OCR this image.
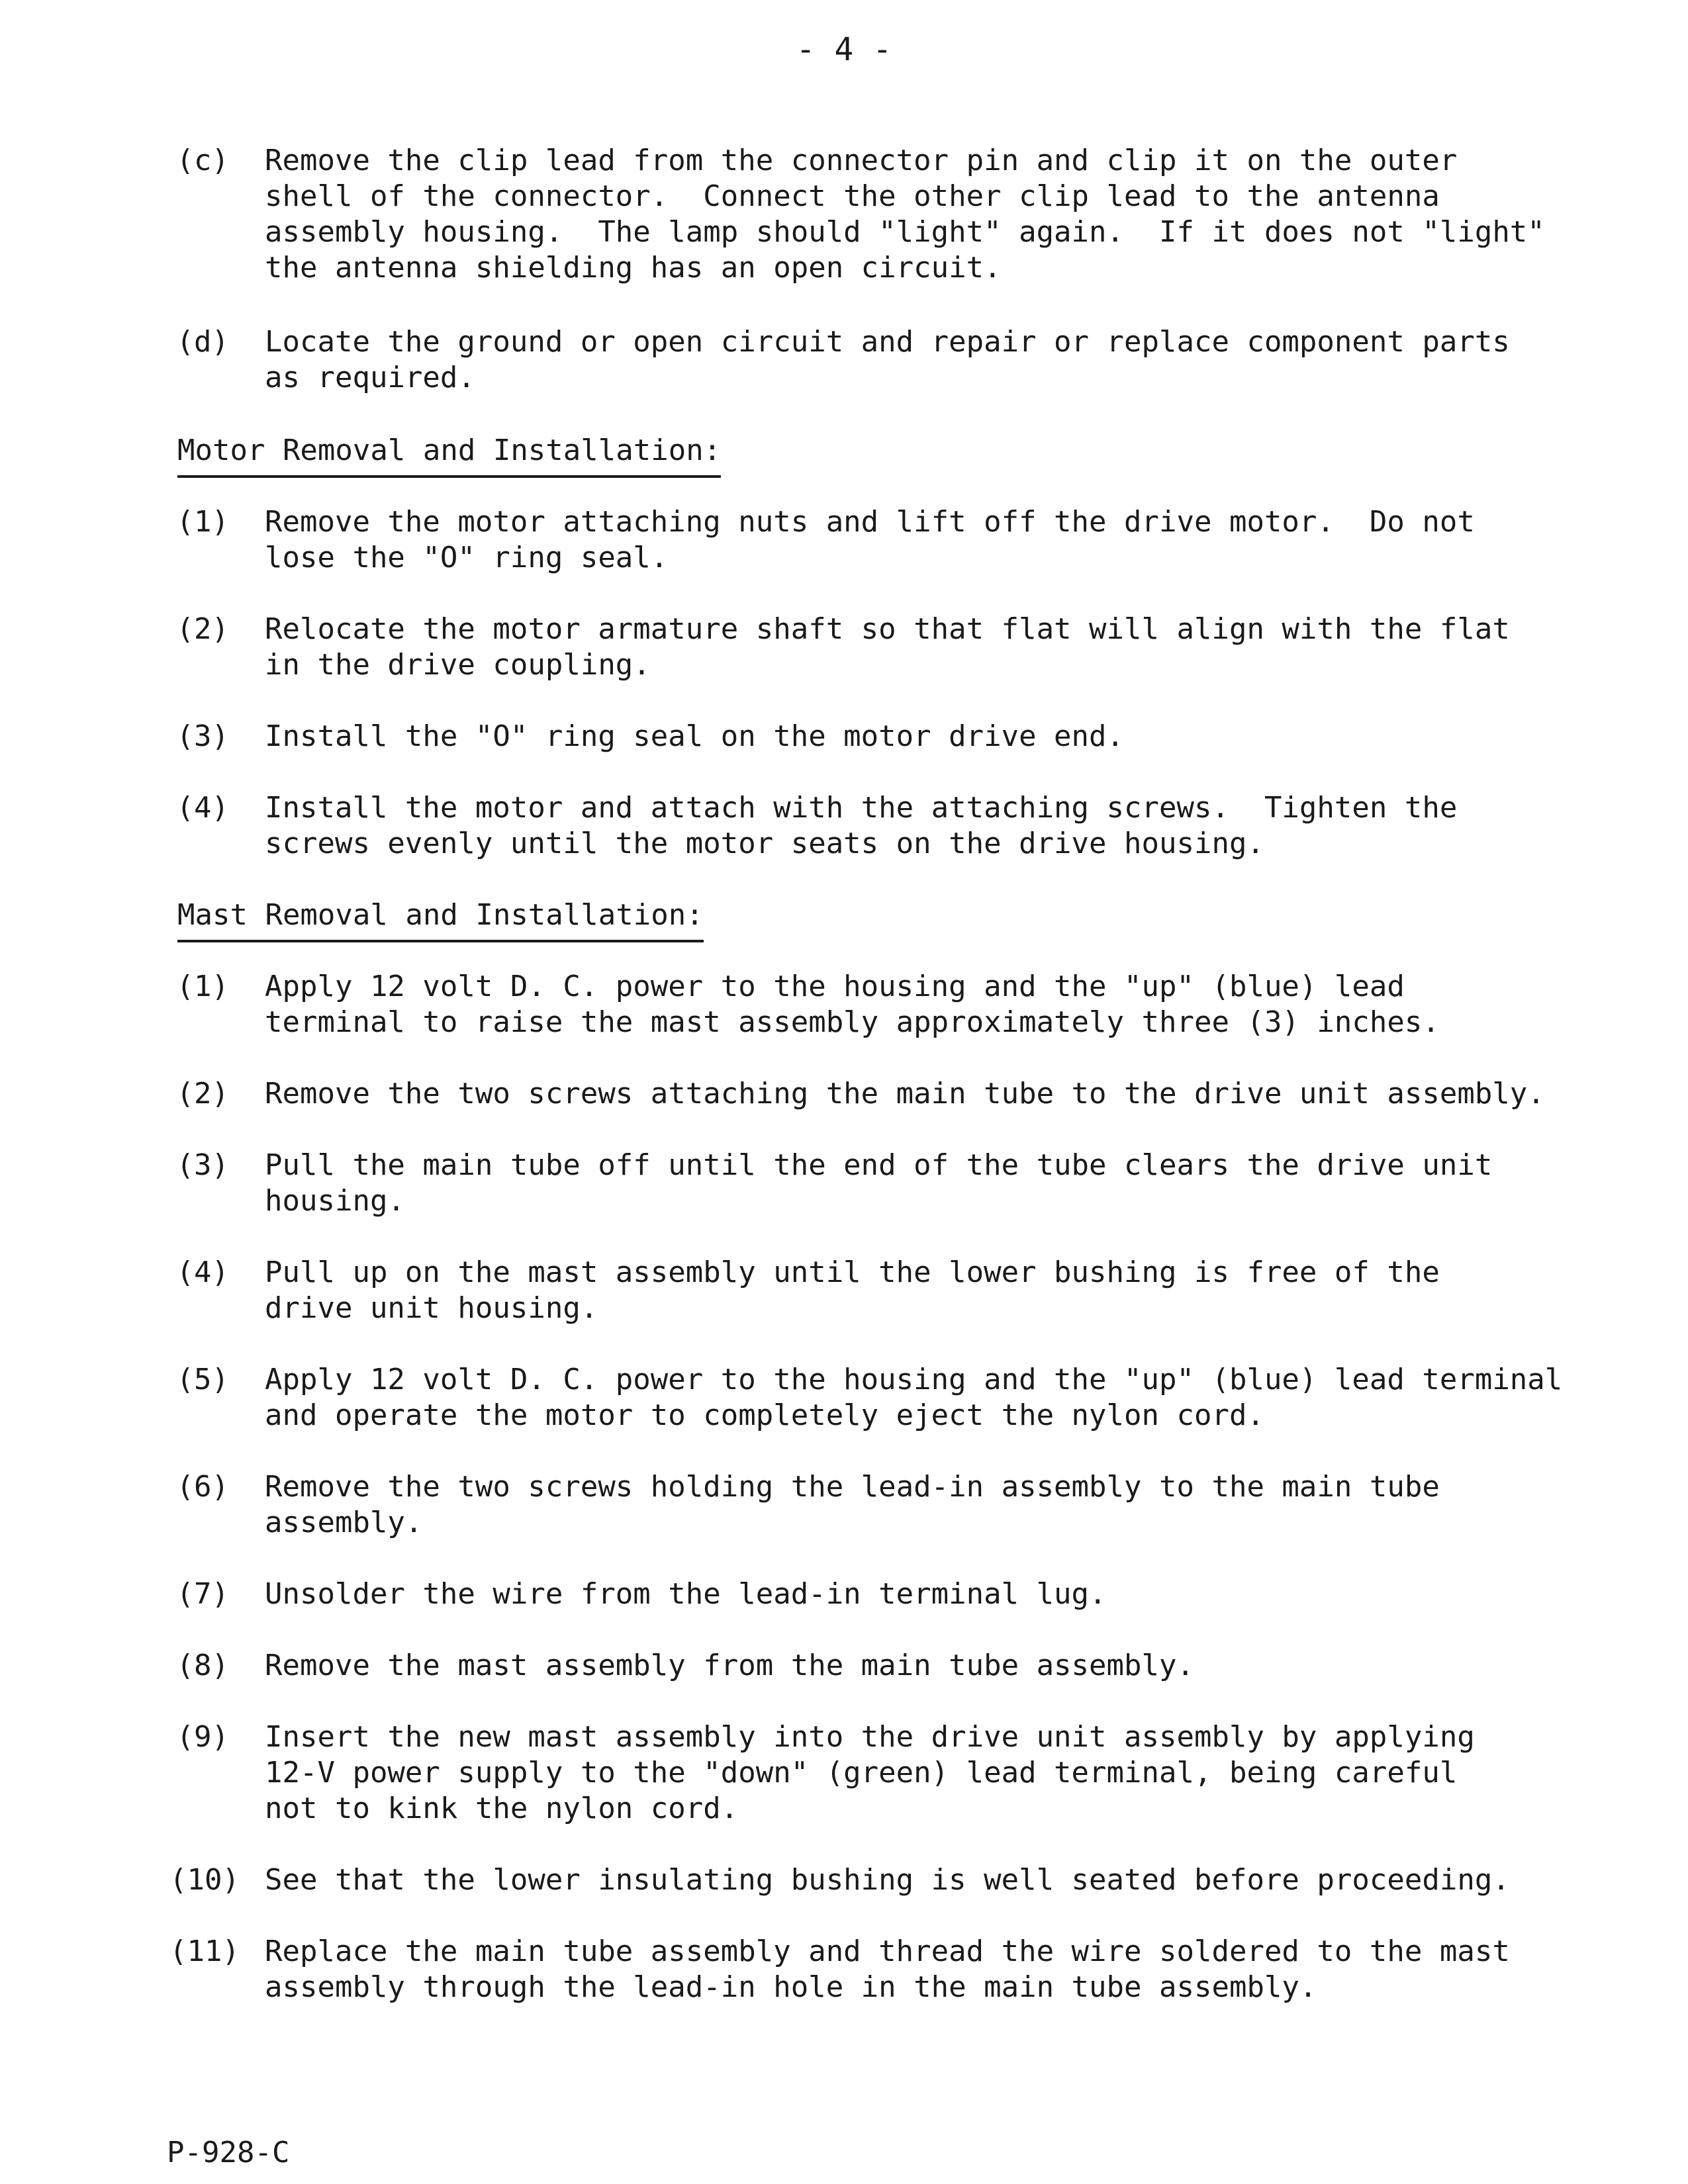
- 4 -
(c) Remove the clip lead from the connector pin and clip it on the outer
shell of the connector.  Connect the other clip lead to the antenna
assembly housing.  The lamp should "light" again.  If it does not "light"
the antenna shielding has an open circuit.
(d) Locate the ground or open circuit and repair or replace component parts
as required.
Motor Removal and Installation:
(1) Remove the motor attaching nuts and lift off the drive motor.  Do not
lose the "O" ring seal.
(2) Relocate the motor armature shaft so that flat will align with the flat
in the drive coupling.
(3) Install the "O" ring seal on the motor drive end.
(4) Install the motor and attach with the attaching screws.  Tighten the
screws evenly until the motor seats on the drive housing.
Mast Removal and Installation:
(1) Apply 12 volt D. C. power to the housing and the "up" (blue) lead
terminal to raise the mast assembly approximately three (3) inches.
(2) Remove the two screws attaching the main tube to the drive unit assembly.
(3) Pull the main tube off until the end of the tube clears the drive unit
housing.
(4) Pull up on the mast assembly until the lower bushing is free of the
drive unit housing.
(5) Apply 12 volt D. C. power to the housing and the "up" (blue) lead terminal
and operate the motor to completely eject the nylon cord.
(6) Remove the two screws holding the lead-in assembly to the main tube
assembly.
(7) Unsolder the wire from the lead-in terminal lug.
(8) Remove the mast assembly from the main tube assembly.
(9) Insert the new mast assembly into the drive unit assembly by applying
12-V power supply to the "down" (green) lead terminal, being careful
not to kink the nylon cord.
(10) See that the lower insulating bushing is well seated before proceeding.
(11) Replace the main tube assembly and thread the wire soldered to the mast
assembly through the lead-in hole in the main tube assembly.
P-928-C
